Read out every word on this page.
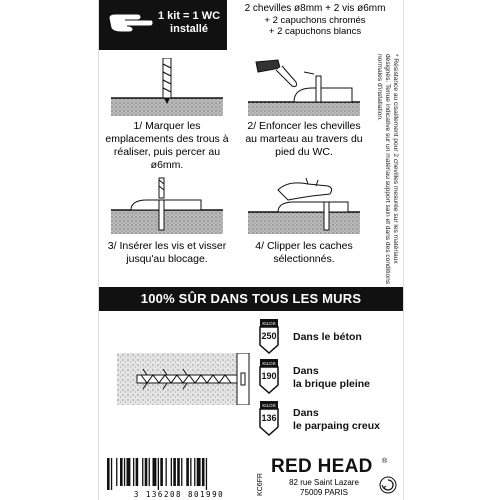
1 kit = 1 WC
installé
2 chevilles ø8mm + 2 vis ø6mm
+ 2 capuchons chromés
+ 2 capuchons blancs
1/ Marquer les emplacements des trous à réaliser, puis percer au ø6mm.
2/ Enfoncer les chevilles au marteau au travers du pied du WC.
3/ Insérer les vis et visser jusqu'au blocage.
4/ Clipper les caches sélectionnés.	* Résistance au cisaillement pour 2 chevilles mesurée sur les matériaux désignés. Tenue indicative sur un matériau support sain et dans des conditions normales d'installation.
100% SÛR DANS TOUS LES MURS
KILOS
250 Dans le béton
KILOS
190 Dans
la brique pleine
KILOS
136 Dans
le parpaing creux
3 136208 801990	KC6FR
RED HEAD	®
82 rue Saint Lazare
75009 PARIS
